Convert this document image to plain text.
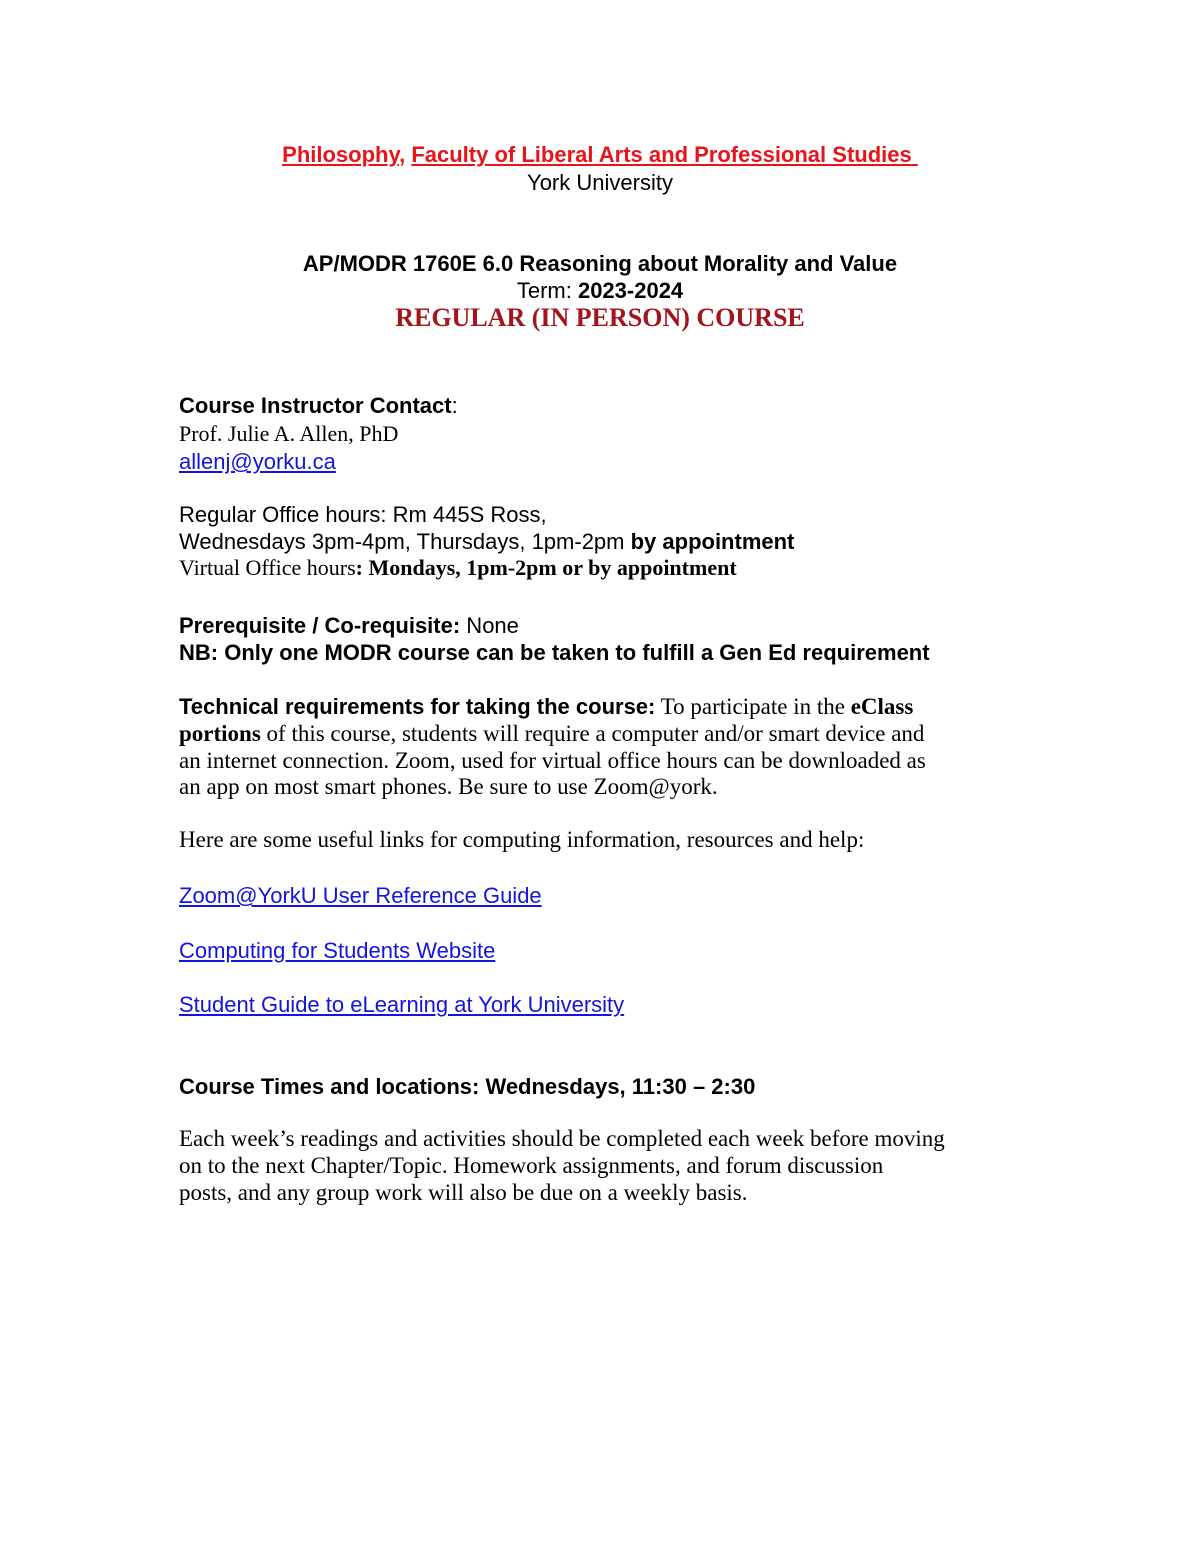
Philosophy, Faculty of Liberal Arts and Professional Studies
York University
AP/MODR 1760E 6.0 Reasoning about Morality and Value
Term: 2023-2024
REGULAR (IN PERSON) COURSE
Course Instructor Contact:
Prof. Julie A. Allen, PhD
allenj@yorku.ca
Regular Office hours: Rm 445S Ross,
Wednesdays 3pm-4pm, Thursdays, 1pm-2pm by appointment
Virtual Office hours: Mondays, 1pm-2pm or by appointment
Prerequisite / Co-requisite: None
NB: Only one MODR course can be taken to fulfill a Gen Ed requirement
Technical requirements for taking the course: To participate in the eClass
portions of this course, students will require a computer and/or smart device and
an internet connection. Zoom, used for virtual office hours can be downloaded as
an app on most smart phones. Be sure to use Zoom@york.
Here are some useful links for computing information, resources and help:
Zoom@YorkU User Reference Guide
Computing for Students Website
Student Guide to eLearning at York University
Course Times and locations: Wednesdays, 11:30 – 2:30
Each week’s readings and activities should be completed each week before moving
on to the next Chapter/Topic. Homework assignments, and forum discussion
posts, and any group work will also be due on a weekly basis.
